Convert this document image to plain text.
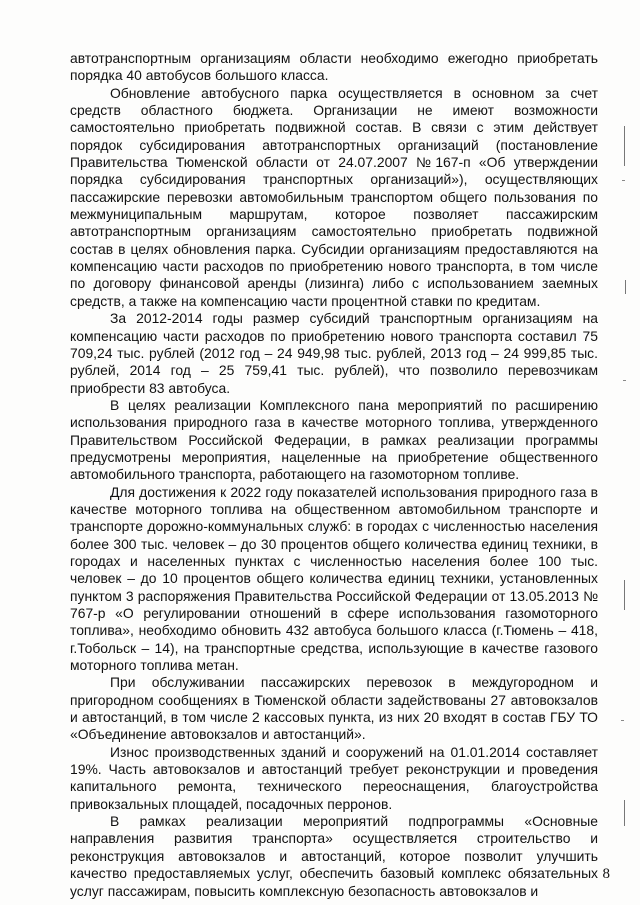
автотранспортным организациям области необходимо ежегодно приобретать порядка 40 автобусов большого класса.

Обновление автобусного парка осуществляется в основном за счет средств областного бюджета. Организации не имеют возможности самостоятельно приобретать подвижной состав. В связи с этим действует порядок субсидирования автотранспортных организаций (постановление Правительства Тюменской области от 24.07.2007 №167-п «Об утверждении порядка субсидирования транспортных организаций»), осуществляющих пассажирские перевозки автомобильным транспортом общего пользования по межмуниципальным маршрутам, которое позволяет пассажирским автотранспортным организациям самостоятельно приобретать подвижной состав в целях обновления парка. Субсидии организациям предоставляются на компенсацию части расходов по приобретению нового транспорта, в том числе по договору финансовой аренды (лизинга) либо с использованием заемных средств, а также на компенсацию части процентной ставки по кредитам.

За 2012-2014 годы размер субсидий транспортным организациям на компенсацию части расходов по приобретению нового транспорта составил 75 709,24 тыс. рублей (2012 год – 24 949,98 тыс. рублей, 2013 год – 24 999,85 тыс. рублей, 2014 год – 25 759,41 тыс. рублей), что позволило перевозчикам приобрести 83 автобуса.

В целях реализации Комплексного пана мероприятий по расширению использования природного газа в качестве моторного топлива, утвержденного Правительством Российской Федерации, в рамках реализации программы предусмотрены мероприятия, нацеленные на приобретение общественного автомобильного транспорта, работающего на газомоторном топливе.

Для достижения к 2022 году показателей использования природного газа в качестве моторного топлива на общественном автомобильном транспорте и транспорте дорожно-коммунальных служб: в городах с численностью населения более 300 тыс. человек – до 30 процентов общего количества единиц техники, в городах и населенных пунктах с численностью населения более 100 тыс. человек – до 10 процентов общего количества единиц техники, установленных пунктом 3 распоряжения Правительства Российской Федерации от 13.05.2013 № 767-р «О регулировании отношений в сфере использования газомоторного топлива», необходимо обновить 432 автобуса большого класса (г.Тюмень – 418, г.Тобольск – 14), на транспортные средства, использующие в качестве газового моторного топлива метан.

При обслуживании пассажирских перевозок в междугородном и пригородном сообщениях в Тюменской области задействованы 27 автовокзалов и автостанций, в том числе 2 кассовых пункта, из них 20 входят в состав ГБУ ТО «Объединение автовокзалов и автостанций».

Износ производственных зданий и сооружений на 01.01.2014 составляет 19%. Часть автовокзалов и автостанций требует реконструкции и проведения капитального ремонта, технического переоснащения, благоустройства привокзальных площадей, посадочных перронов.

В рамках реализации мероприятий подпрограммы «Основные направления развития транспорта» осуществляется строительство и реконструкция автовокзалов и автостанций, которое позволит улучшить качество предоставляемых услуг, обеспечить базовый комплекс обязательных услуг пассажирам, повысить комплексную безопасность автовокзалов и

8
